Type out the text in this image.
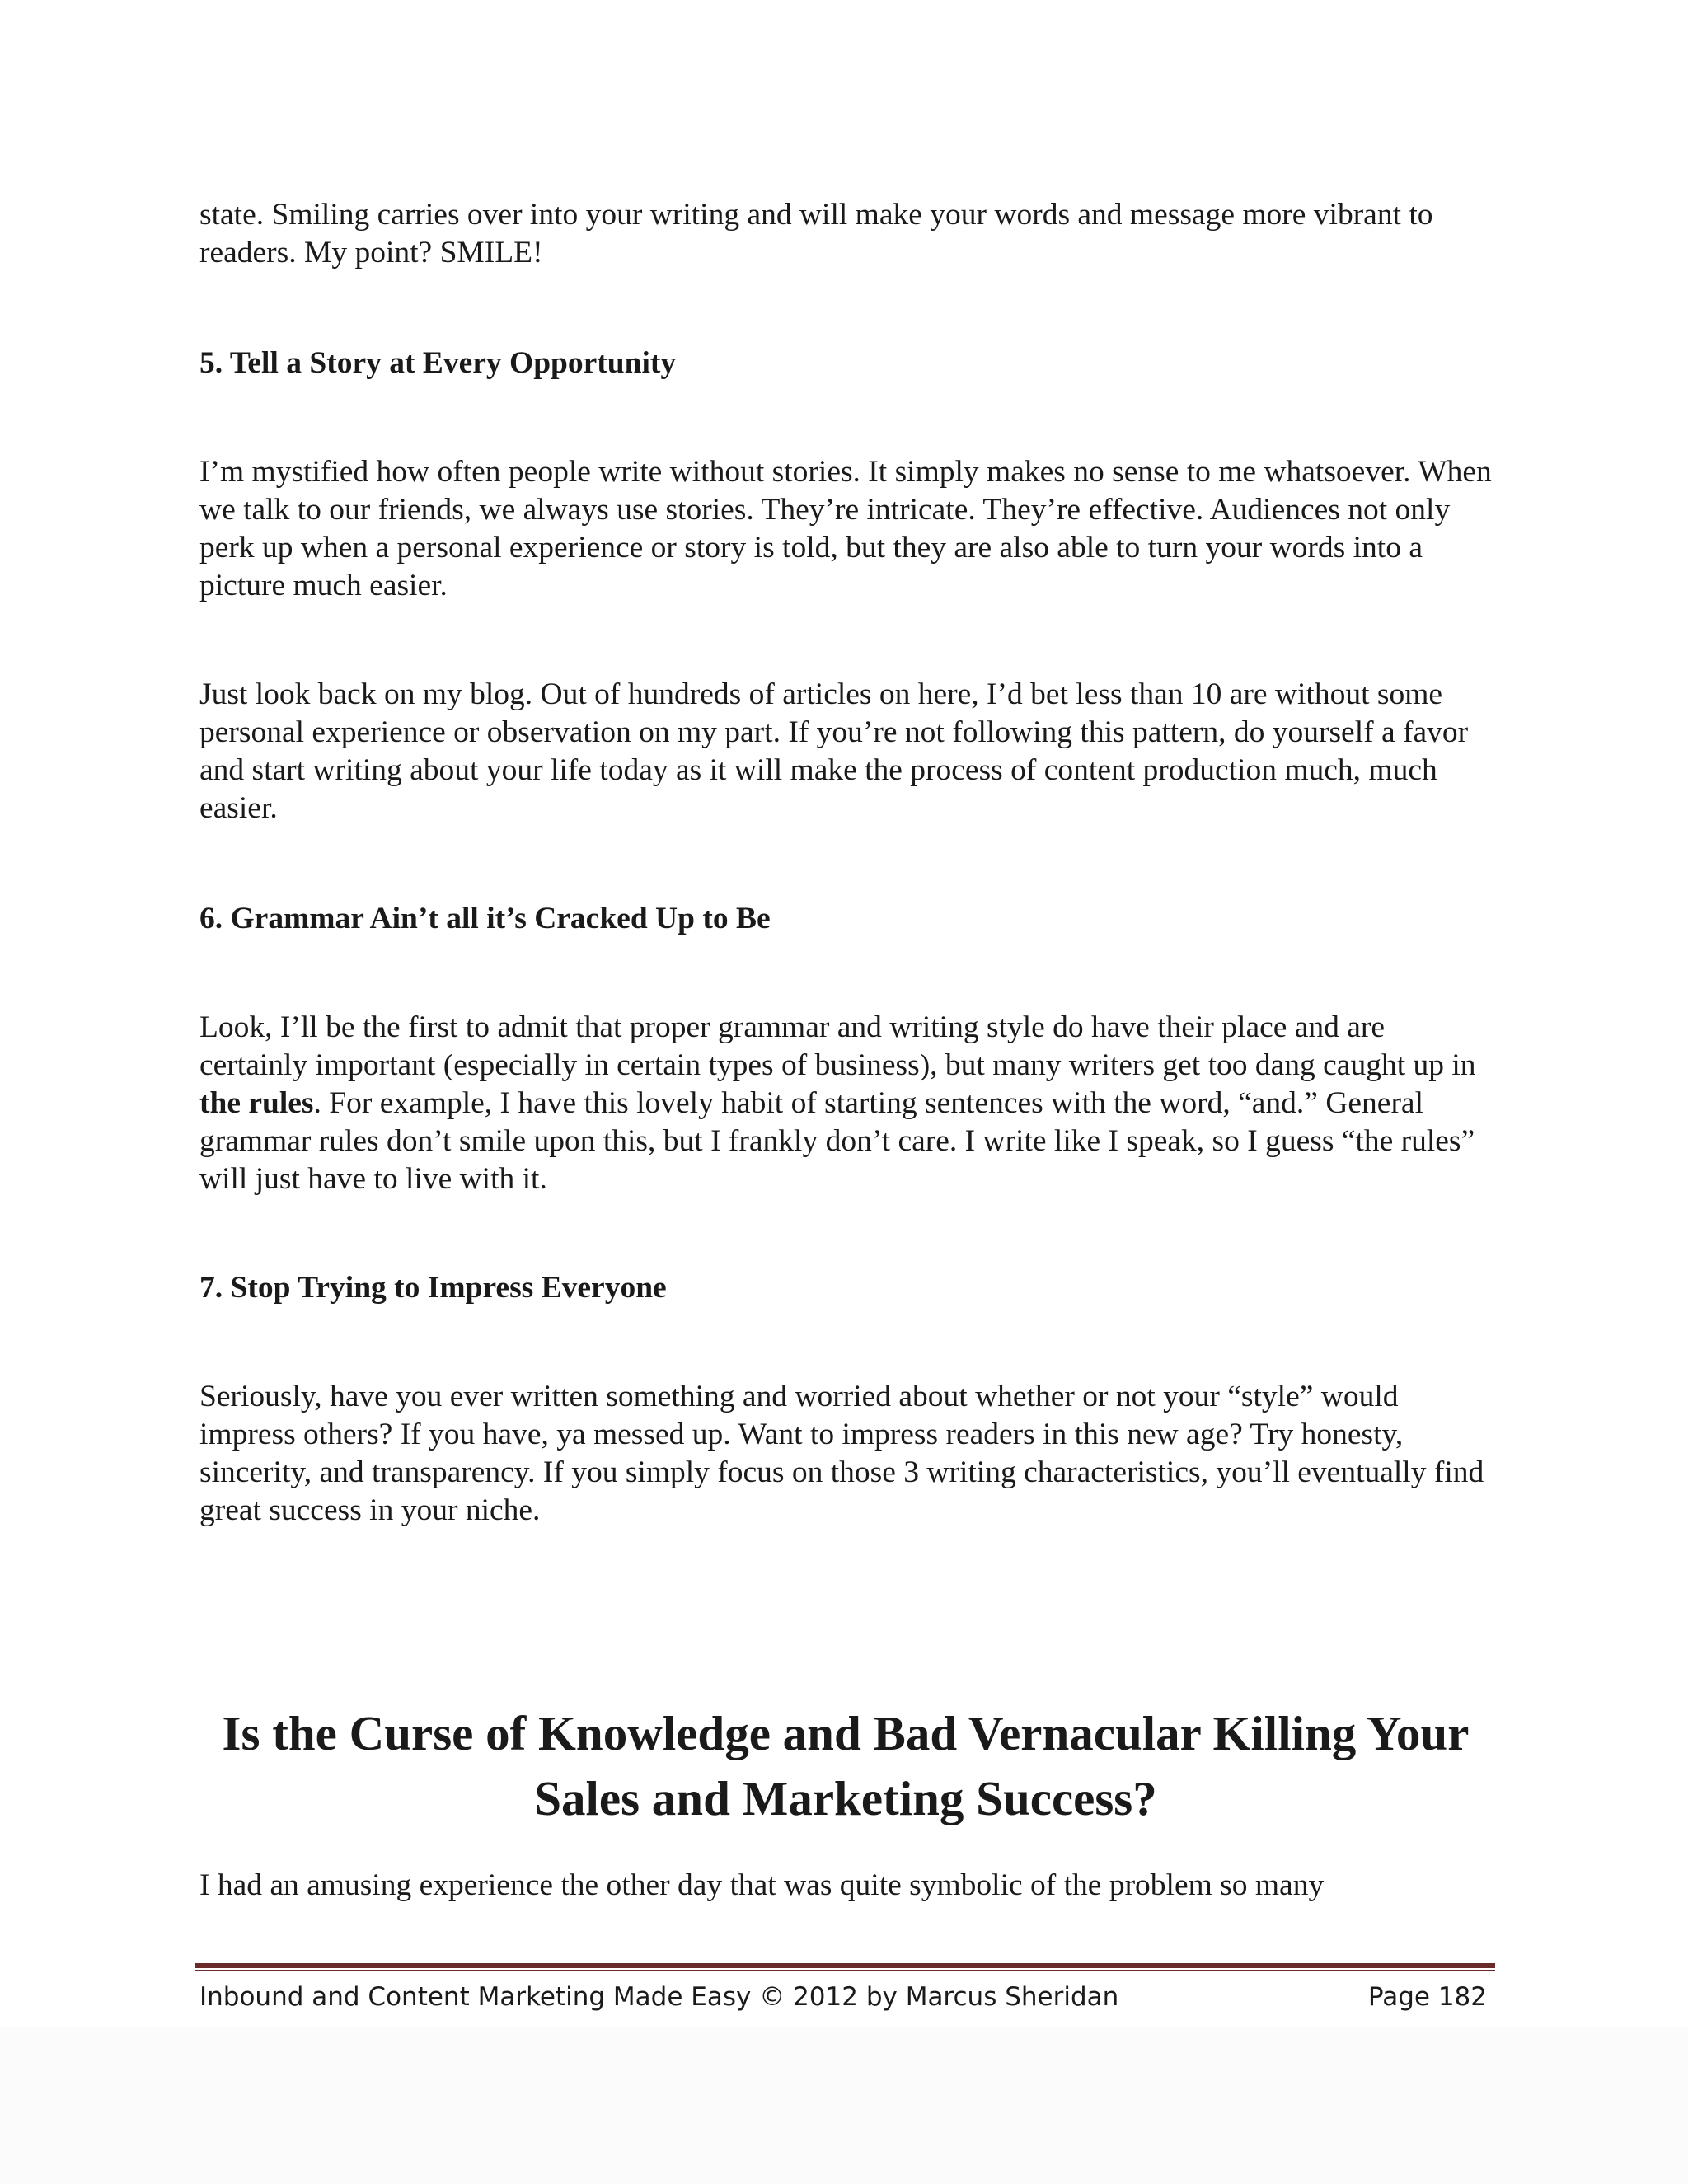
state. Smiling carries over into your writing and will make your words and message more vibrant to readers. My point? SMILE!

5. Tell a Story at Every Opportunity

I’m mystified how often people write without stories. It simply makes no sense to me whatsoever. When we talk to our friends, we always use stories. They’re intricate. They’re effective. Audiences not only perk up when a personal experience or story is told, but they are also able to turn your words into a picture much easier.

Just look back on my blog. Out of hundreds of articles on here, I’d bet less than 10 are without some personal experience or observation on my part. If you’re not following this pattern, do yourself a favor and start writing about your life today as it will make the process of content production much, much easier.

6. Grammar Ain’t all it’s Cracked Up to Be

Look, I’ll be the first to admit that proper grammar and writing style do have their place and are certainly important (especially in certain types of business), but many writers get too dang caught up in the rules. For example, I have this lovely habit of starting sentences with the word, “and.” General grammar rules don’t smile upon this, but I frankly don’t care. I write like I speak, so I guess “the rules” will just have to live with it.

7. Stop Trying to Impress Everyone

Seriously, have you ever written something and worried about whether or not your “style” would impress others? If you have, ya messed up. Want to impress readers in this new age? Try honesty, sincerity, and transparency. If you simply focus on those 3 writing characteristics, you’ll eventually find great success in your niche.

Is the Curse of Knowledge and Bad Vernacular Killing Your
Sales and Marketing Success?

I had an amusing experience the other day that was quite symbolic of the problem so many

Inbound and Content Marketing Made Easy © 2012 by Marcus Sheridan	Page 182
